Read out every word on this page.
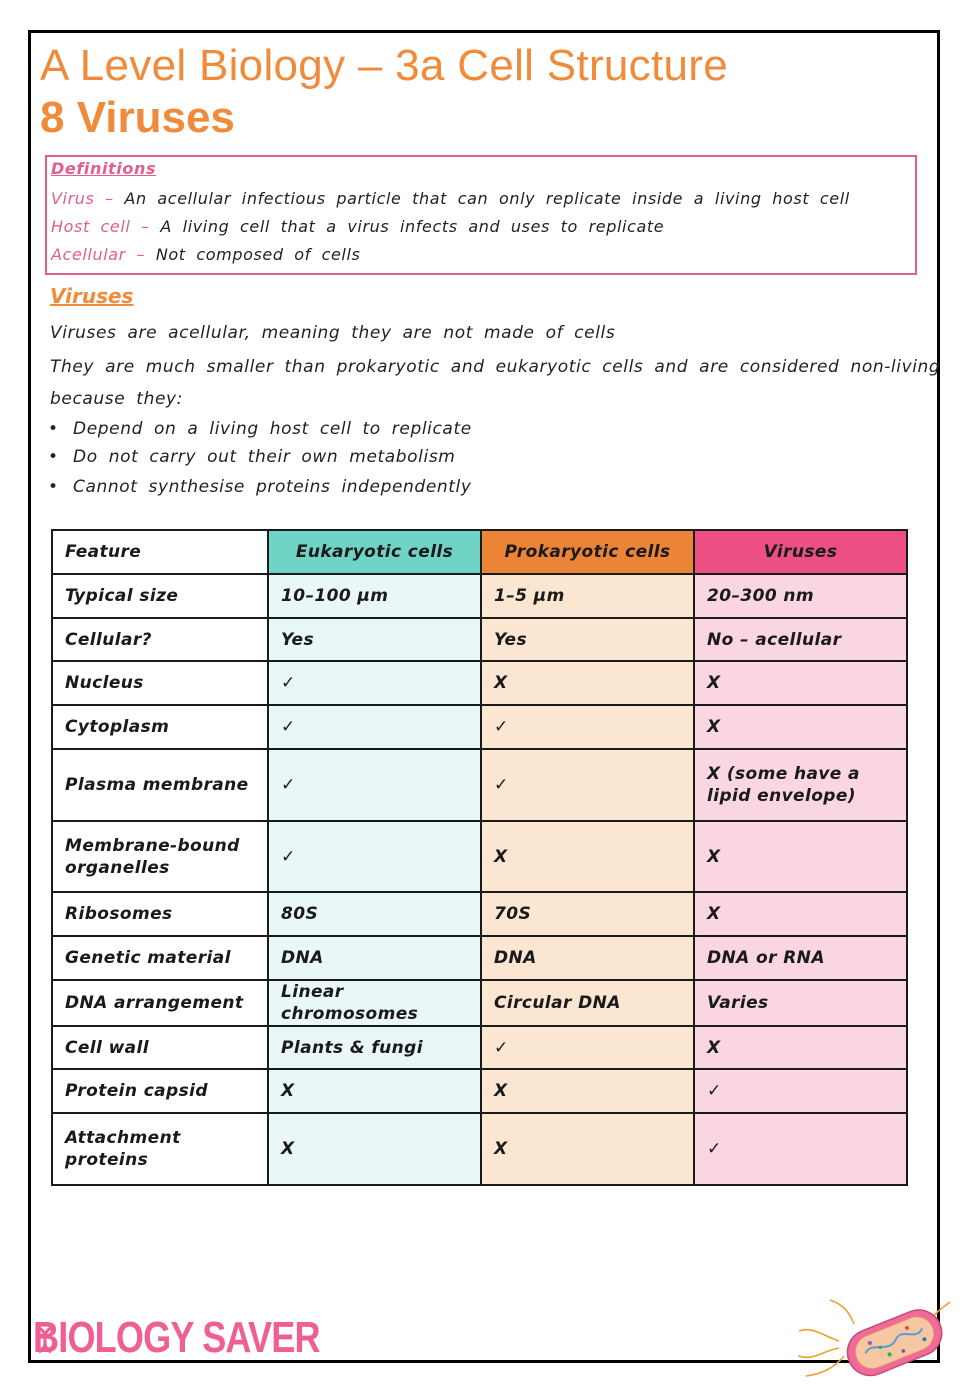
A Level Biology – 3a Cell Structure
8 Viruses
Definitions
Virus – An acellular infectious particle that can only replicate inside a living host cell
Host cell – A living cell that a virus infects and uses to replicate
Acellular – Not composed of cells
Viruses
Viruses are acellular, meaning they are not made of cells
They are much smaller than prokaryotic and eukaryotic cells and are considered non-living
because they:
• Depend on a living host cell to replicate
• Do not carry out their own metabolism
• Cannot synthesise proteins independently
Feature	Eukaryotic cells	Prokaryotic cells	Viruses
Typical size	10–100 µm	1–5 µm	20–300 nm
Cellular?	Yes	Yes	No – acellular
Nucleus	✓	X	X
Cytoplasm	✓	✓	X
Plasma membrane	✓	✓	X (some have a lipid envelope)
Membrane-bound organelles	✓	X	X
Ribosomes	80S	70S	X
Genetic material	DNA	DNA	DNA or RNA
DNA arrangement	Linear chromosomes	Circular DNA	Varies
Cell wall	Plants & fungi	✓	X
Protein capsid	X	X	✓
Attachment proteins	X	X	✓
BIOLOGY SAVER
